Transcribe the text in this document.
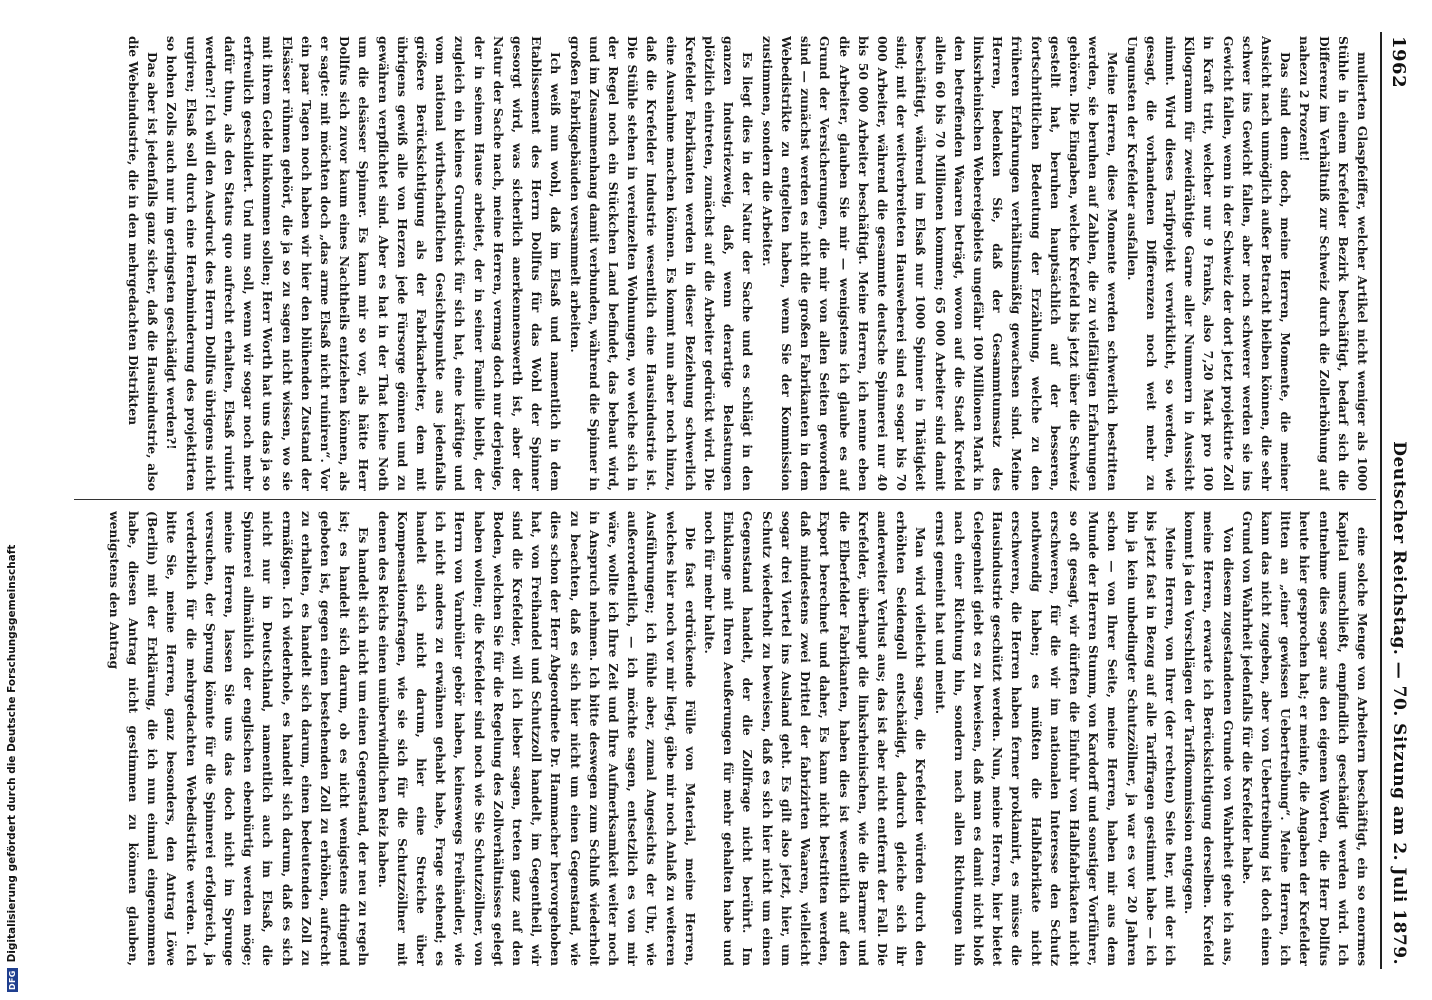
DFG
Digitalisierung gefördert durch die Deutsche Forschungsgemeinschaft
1962
Deutscher Reichstag. — 70. Sitzung am 2. Juli 1879.

mulierten Glaspfeiffer, welcher Artikel nicht weniger als 1000 Stühle in einem Krefelder Bezirk beschäftigt, bedarf sich die Differenz im Verhältniß zur Schweiz durch die Zollerhöhung auf nahezu 2 Prozent!

Das sind denn doch, meine Herren, Momente, die meiner Ansicht nach unmöglich außer Betracht bleiben können, die sehr schwer ins Gewicht fallen, aber noch schwerer werden sie ins Gewicht fallen, wenn in der Schweiz der dort jetzt projektirte Zoll in Kraft tritt, welcher nur 9 Franks, also 7,20 Mark pro 100 Kilogramm für zweidrähtige Garne aller Nummern in Aussicht nimmt. Wird dieses Tarifprojekt verwirklicht, so werden, wie gesagt, die vorhandenen Differenzen noch weit mehr zu Ungunsten der Krefelder ausfallen.

Meine Herren, diese Momente werden schwerlich bestritten werden, sie beruhen auf Zahlen, die zu vielfältigen Erfahrungen gehören. Die Eingaben, welche Krefeld bis jetzt über die Schweiz gestellt hat, beruhen hauptsächlich auf der besseren, fortschrittlichen Bedeutung der Erzählung, welche zu den früheren Erfahrungen verhältnismäßig gewachsen sind. Meine Herren, bedenken Sie, daß der Gesammtumsatz des linksrheinischen Webereigebiets ungefähr 100 Millionen Mark in den betreffenden Waaren beträgt, wovon auf die Stadt Krefeld allein 60 bis 70 Millionen kommen; 65 000 Arbeiter sind damit beschäftigt, während im Elsaß nur 1000 Spinner in Thätigkeit sind; mit der weitverbreiteten Hausweberei sind es sogar bis 70 000 Arbeiter, während die gesammte deutsche Spinnerei nur 40 bis 50 000 Arbeiter beschäftigt. Meine Herren, ich nenne eben die Arbeiter, glauben Sie mir — wenigstens ich glaube es auf Grund der Versicherungen, die mir von allen Seiten geworden sind — zunächst werden es nicht die großen Fabrikanten in dem Webedistrikte zu entgelten haben, wenn Sie der Kommission zustimmen, sondern die Arbeiter.

Es liegt dies in der Natur der Sache und es schlägt in den ganzen Industriezweig, daß, wenn derartige Belastungen plötzlich eintreten, zunächst auf die Arbeiter gedrückt wird. Die Krefelder Fabrikanten werden in dieser Beziehung schwerlich eine Ausnahme machen können. Es kommt nun aber noch hinzu, daß die Krefelder Industrie wesentlich eine Hausindustrie ist. Die Stühle stehen in vereinzelten Wohnungen, wo welche sich in der Regel noch ein Stückchen Land befindet, das bebaut wird, und im Zusammenhang damit verbunden, während die Spinner in großen Fabrikgebäuden versammelt arbeiten.

Ich weiß nun wohl, daß im Elsaß und namentlich in dem Etablissement des Herrn Dollfus für das Wohl der Spinner gesorgt wird, was sicherlich anerkennenswerth ist, aber der Natur der Sache nach, meine Herren, vermag doch nur derjenige, der in seinem Hause arbeitet, der in seiner Familie bleibt, der zugleich ein kleines Grundstück für sich hat, eine kräftige und vom national wirthschaftlichen Gesichtspunkte aus jedenfalls größere Berücksichtigung als der Fabrikarbeiter, dem mit übrigens gewiß alle von Herzen jede Fürsorge gönnen und zu gewähren verpflichtet sind. Aber es hat in der That keine Noth um die elsässer Spinner. Es kann mir so vor, als hätte Herr Dollfus sich zuvor kaum eines Nachtheils entziehen können, als er sagte: mit möchten doch „das arme Elsaß nicht ruiniren“. Vor ein paar Tagen noch haben wir hier den blühenden Zustand der Elsässer rühmen gehört, die ja so zu sagen nicht wissen, wo sie mit ihrem Gelde hinkommen sollen; Herr Worth hat uns das ja so erfreulich geschildert. Und nun soll, wenn wir sogar noch mehr dafür thun, als den Status quo aufrecht erhalten, Elsaß ruinirt werden?! Ich will den Ausdruck des Herrn Dollfus übrigens nicht urgiren; Elsaß soll durch eine Herabminderung des projektirten so hohen Zolls auch nur im geringsten geschädigt werden?!

Das aber ist jedenfalls ganz sicher, daß die Hausindustrie, also die Webeindustrie, die in den mehrgedachten Distrikten

eine solche Menge von Arbeitern beschäftigt, ein so enormes Kapital umschließt, empfindlich geschädigt werden wird. Ich entnehme dies sogar aus den eigenen Worten, die Herr Dollfus heute hier gesprochen hat; er meinte, die Angaben der Krefelder litten an „einer gewissen Uebertreibung“. Meine Herren, ich kann das nicht zugeben, aber von Uebertreibung ist doch einen Grund von Wahrheit jedenfalls für die Krefelder habe.

Von diesem zugestandenen Grunde von Wahrheit gehe ich aus, meine Herren, erwarte ich Berücksichtigung derselben. Krefeld kommt ja den Vorschlägen der Tarifkommission entgegen.

Meine Herren, von Ihrer (der rechten) Seite her, mit der ich bis jetzt fast in Bezug auf alle Tariffragen gestimmt habe — ich bin ja kein unbedingter Schutzzöllner, ja war es vor 20 Jahren schon — von Ihrer Seite, meine Herren, haben mir aus dem Munde der Herren Stumm, von Kardorff und sonstiger Vorführer, so oft gesagt, wir dürften die Einfuhr von Halbfabrikaten nicht erschweren, für die wir im nationalen Interesse den Schutz nothwendig haben; es müßten die Halbfabrikate nicht erschweren, die Herren haben ferner proklamirt, es müsse die Hausindustrie geschützt werden. Nun, meine Herren, hier bietet Gelegenheit giebt es zu beweisen, daß man es damit nicht bloß nach einer Richtung hin, sondern nach allen Richtungen hin ernst gemeint hat und meint.

Man wird vielleicht sagen, die Krefelder würden durch den erhöhten Seidengoll entschädigt, dadurch gleiche sich ihr anderweiter Verlust aus; das ist aber nicht entfernt der Fall. Die Krefelder, überhaupt die linksrheinischen, wie die Barmer und die Elberfelder Fabrikanten, haben dies ist wesentlich auf den Export berechnet und daher, Es kann nicht bestritten werden, daß mindestens zwei Drittel der fabrizirten Waaren, vielleicht sogar drei Viertel ins Ausland geht. Es gilt also jetzt, hier, um Schutz wiederholt zu beweisen, daß es sich hier nicht um einen Gegenstand handelt, der die Zollfrage nicht berührt. Im Einklange mit Ihren Aeußerungen für mehr gehalten habe und noch für mehr halte.

Die fast erdrückende Fülle von Material, meine Herren, welches hier noch vor mir liegt, gäbe mir noch Anlaß zu weiteren Ausführungen; ich fühle aber, zumal Angesichts der Uhr, wie außerordentlich, — ich möchte sagen, entsetzlich es von mir wäre, wollte ich Ihre Zeit und Ihre Aufmerksamkeit weiter noch in Anspruch nehmen. Ich bitte deswegen zum Schluß wiederholt zu beachten, daß es sich hier nicht um einen Gegenstand, wie dies schon der Herr Abgeordnete Dr. Hammacher hervorgehoben hat, von Freihandel und Schutzzoll handelt, im Gegentheil, wir sind die Krefelder, will ich lieber sagen, treten ganz auf den Boden, welchen Sie für die Regelung des Zollverhältnisses gelegt haben wollen; die Krefelder sind noch wie Sie Schutzzöllner, von Herrn von Varnbüler gebör haben, keineswegs Freihändler, wie ich nicht anders zu erwähnen gehabt habe, Frage stehend; es handelt sich nicht darum, hier eine Streiche über Kompensationsfragen, wie sie sich für die Schutzzöllner mit denen des Reichs einen unüberwindlichen Reiz haben.

Es handelt sich nicht um einen Gegenstand, der neu zu regeln ist; es handelt sich darum, ob es nicht wenigstens dringend geboten ist, gegen einen bestehenden Zoll zu erhöhen, aufrecht zu erhalten, es handelt sich darum, einen bedeutenden Zoll zu ermäßigen. Ich wiederhole, es handelt sich darum, daß es sich nicht nur in Deutschland, namentlich auch im Elsaß, die Spinnerei allmählich der englischen ebenbürtig werden möge; meine Herren, lassen Sie uns das doch nicht im Sprunge versuchen, der Sprung könnte für die Spinnerei erfolgreich, ja verderblich für die mehrgedachten Webedistrikte werden. Ich bitte Sie, meine Herren, ganz besonders, den Antrag Löwe (Berlin) mit der Erklärung, die ich nun einmal eingenommen habe, diesen Antrag nicht gestimmen zu können glauben, wenigstens den Antrag
